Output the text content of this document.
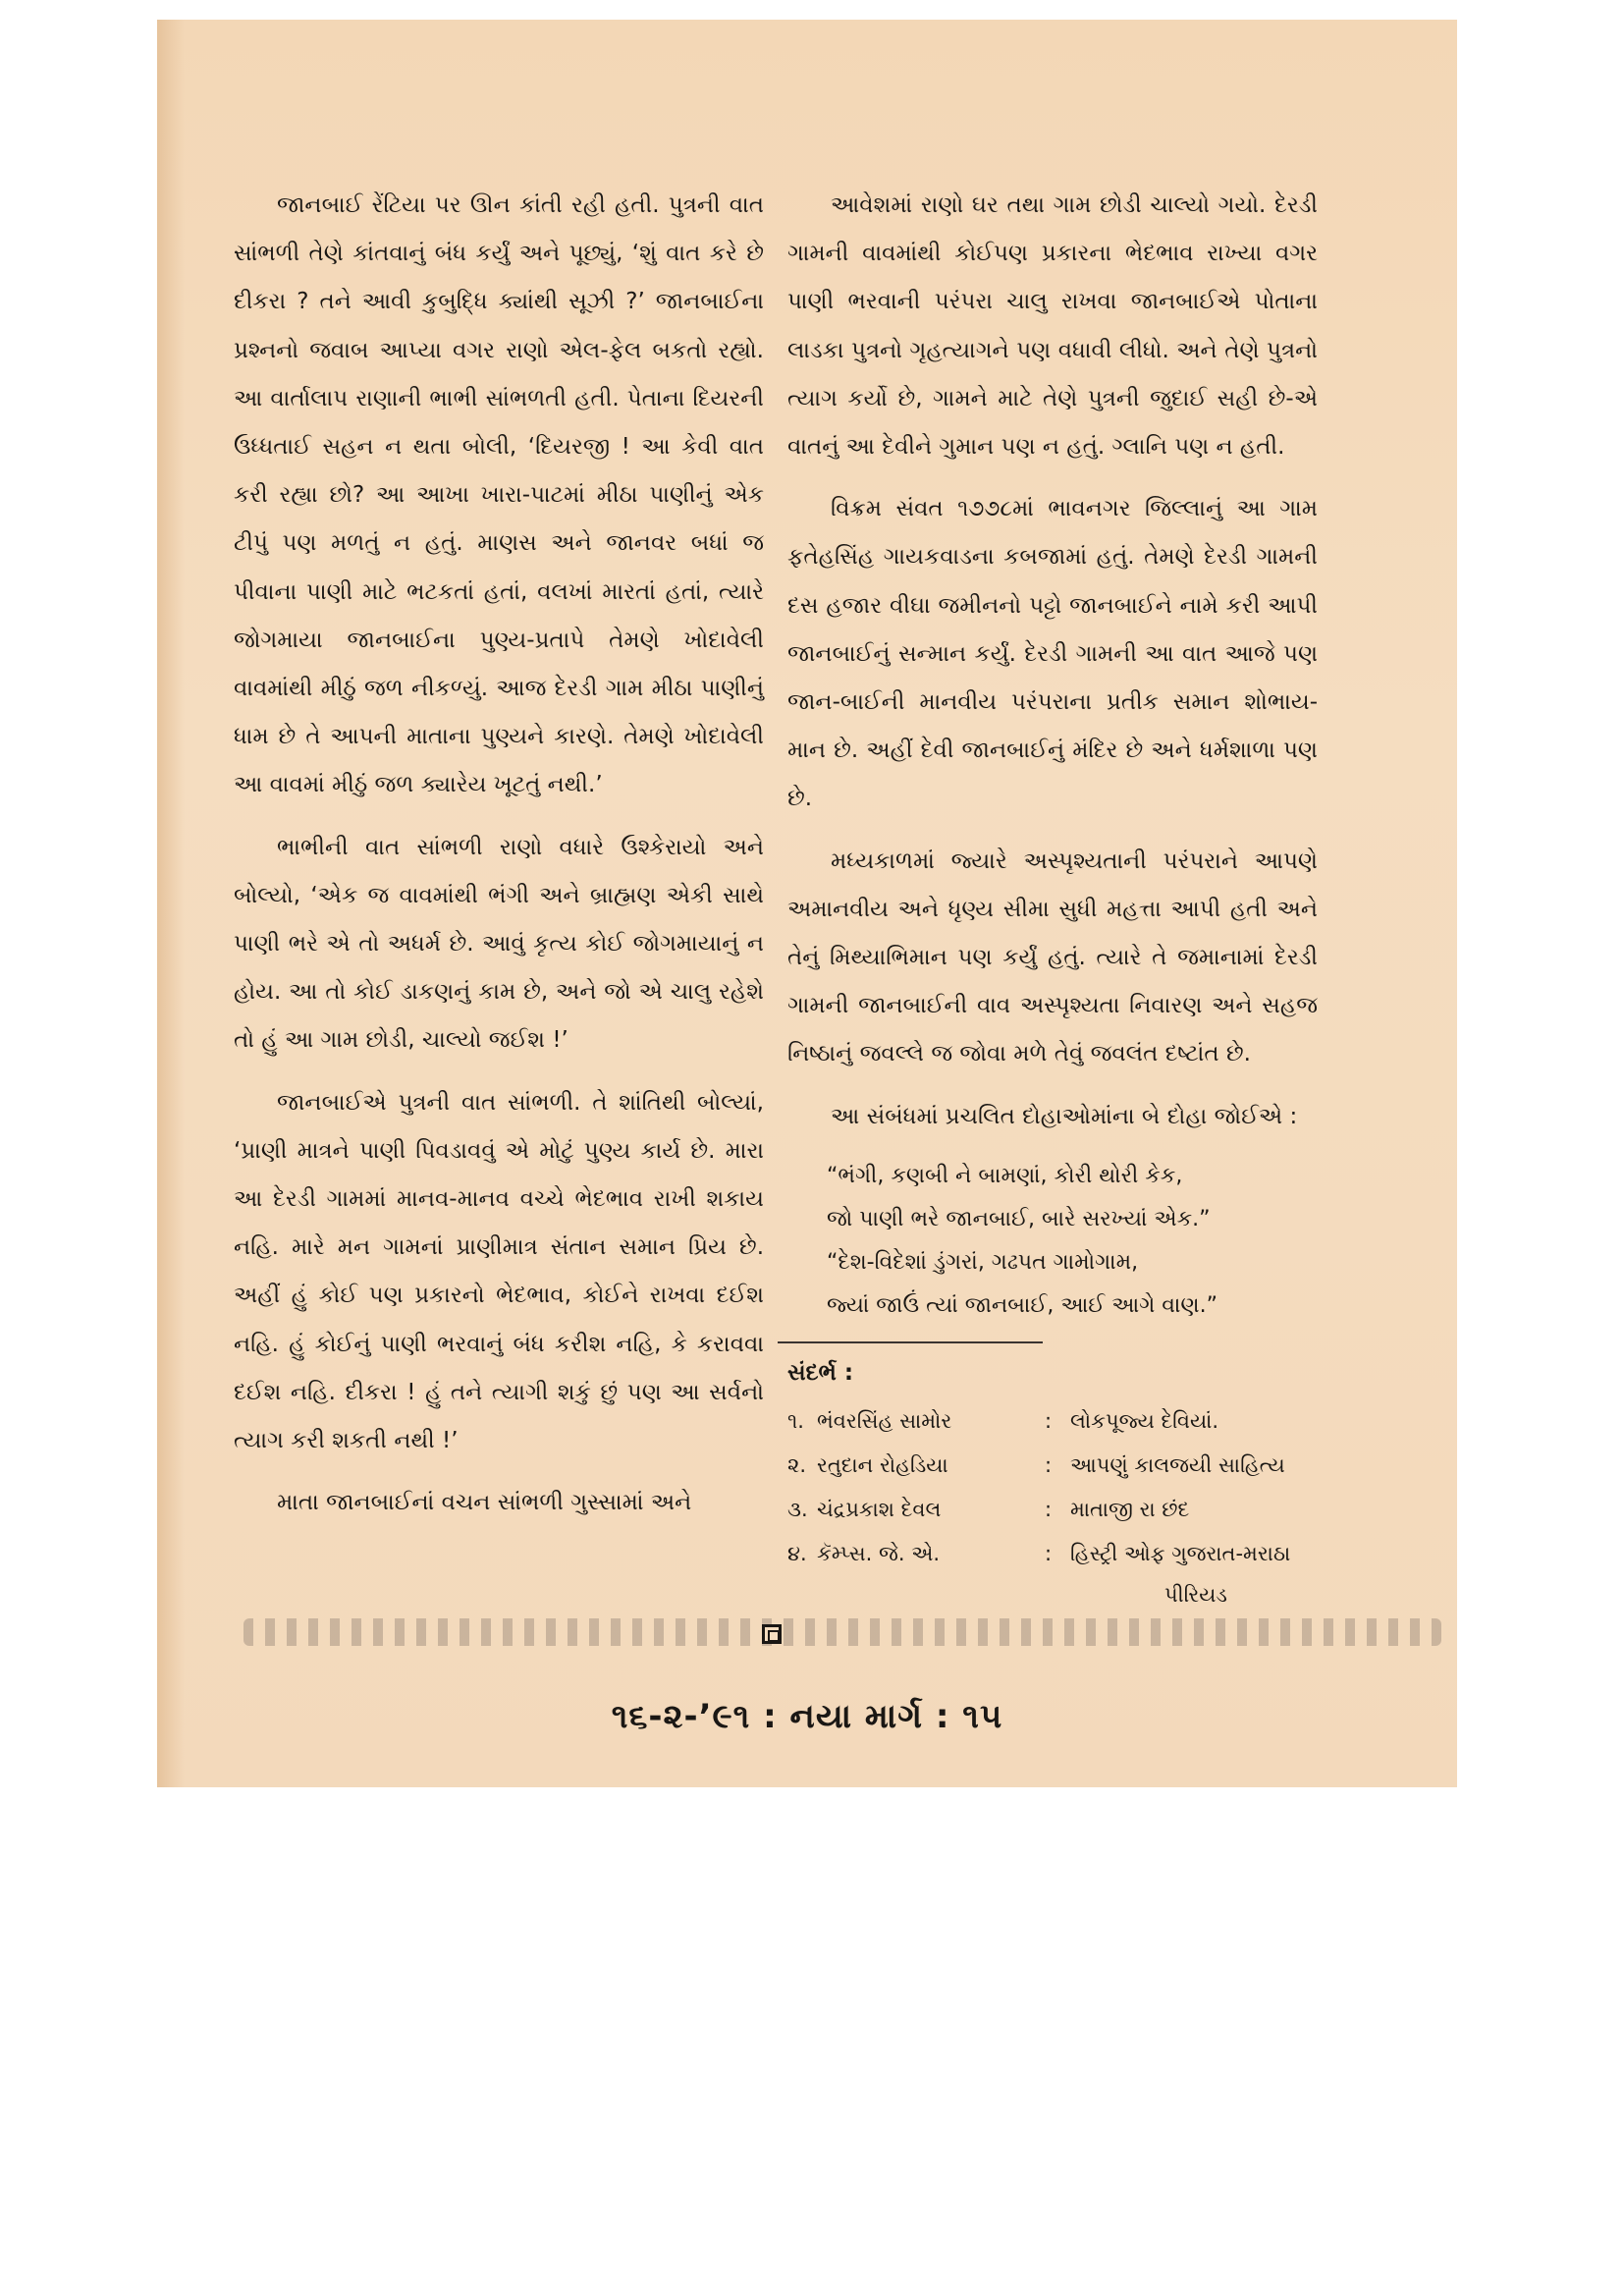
જાનબાઈ રેંટિયા પર ઊન કાંતી રહી હતી. પુત્રની વાત સાંભળી તેણે કાંતવાનું બંધ કર્યું અને પૂછ્યું, ‘શું વાત કરે છે દીકરા ? તને આવી કુબુદ્ધિ ક્યાંથી સૂઝી ?’ જાનબાઈના પ્રશ્નનો જવાબ આપ્યા વગર રાણો એલ-ફેલ બકતો રહ્યો. આ વાર્તાલાપ રાણાની ભાભી સાંભળતી હતી. પેતાના દિયરની ઉધ્ધતાઈ સહન ન થતા બોલી, ‘દિયરજી ! આ કેવી વાત કરી રહ્યા છો? આ આખા ખારા-પાટમાં મીઠા પાણીનું એક ટીપું પણ મળતું ન હતું. માણસ અને જાનવર બધાં જ પીવાના પાણી માટે ભટકતાં હતાં, વલખાં મારતાં હતાં, ત્યારે જોગમાયા જાનબાઈના પુણ્ય-પ્રતાપે તેમણે ખોદાવેલી વાવમાંથી મીઠું જળ નીકળ્યું. આજ દેરડી ગામ મીઠા પાણીનું ધામ છે તે આપની માતાના પુણ્યને કારણે. તેમણે ખોદાવેલી આ વાવમાં મીઠું જળ ક્યારેય ખૂટતું નથી.’

ભાભીની વાત સાંભળી રાણો વધારે ઉશ્કેરાયો અને બોલ્યો, ‘એક જ વાવમાંથી ભંગી અને બ્રાહ્મણ એકી સાથે પાણી ભરે એ તો અધર્મ છે. આવું કૃત્ય કોઈ જોગમાયાનું ન હોય. આ તો કોઈ ડાકણનું કામ છે, અને જો એ ચાલુ રહેશે તો હું આ ગામ છોડી, ચાલ્યો જઈશ !’

જાનબાઈએ પુત્રની વાત સાંભળી. તે શાંતિથી બોલ્યાં, ‘પ્રાણી માત્રને પાણી પિવડાવવું એ મોટું પુણ્ય કાર્ય છે. મારા આ દેરડી ગામમાં માનવ-માનવ વચ્ચે ભેદભાવ રાખી શકાય નહિ. મારે મન ગામનાં પ્રાણીમાત્ર સંતાન સમાન પ્રિય છે. અહીં હું કોઈ પણ પ્રકારનો ભેદભાવ, કોઈને રાખવા દઈશ નહિ. હું કોઈનું પાણી ભરવાનું બંધ કરીશ નહિ, કે કરાવવા દઈશ નહિ. દીકરા ! હું તને ત્યાગી શકું છું પણ આ સર્વનો ત્યાગ કરી શકતી નથી !’

માતા જાનબાઈનાં વચન સાંભળી ગુસ્સામાં અને

આવેશમાં રાણો ઘર તથા ગામ છોડી ચાલ્યો ગયો. દેરડી ગામની વાવમાંથી કોઈપણ પ્રકારના ભેદભાવ રાખ્યા વગર પાણી ભરવાની પરંપરા ચાલુ રાખવા જાનબાઈએ પોતાના લાડકા પુત્રનો ગૃહત્યાગને પણ વધાવી લીધો. અને તેણે પુત્રનો ત્યાગ કર્યો છે, ગામને માટે તેણે પુત્રની જુદાઈ સહી છે-એ વાતનું આ દેવીને ગુમાન પણ ન હતું. ગ્લાનિ પણ ન હતી.

વિક્રમ સંવત ૧૭૭૮માં ભાવનગર જિલ્લાનું આ ગામ ફતેહસિંહ ગાયકવાડના કબજામાં હતું. તેમણે દેરડી ગામની દસ હજાર વીઘા જમીનનો પટ્ટો જાનબાઈને નામે કરી આપી જાનબાઈનું સન્માન કર્યું. દેરડી ગામની આ વાત આજે પણ જાન-બાઈની માનવીય પરંપરાના પ્રતીક સમાન શોભાય-માન છે. અહીં દેવી જાનબાઈનું મંદિર છે અને ધર્મશાળા પણ છે.

મધ્યકાળમાં જ્યારે અસ્પૃશ્યતાની પરંપરાને આપણે અમાનવીય અને ધૃણ્ય સીમા સુધી મહત્તા આપી હતી અને તેનું મિથ્યાભિમાન પણ કર્યું હતું. ત્યારે તે જમાનામાં દેરડી ગામની જાનબાઈની વાવ અસ્પૃશ્યતા નિવારણ અને સહજ નિષ્ઠાનું જવલ્લે જ જોવા મળે તેવું જવલંત દષ્ટાંત છે.

આ સંબંધમાં પ્રચલિત દોહાઓમાંના બે દોહા જોઈએ :

“ભંગી, કણબી ને બામણાં, કોરી થોરી કેક,
જો પાણી ભરે જાનબાઈ, બારે સરખ્યાં એક.”
“દેશ-વિદેશાં ડુંગરાં, ગઢપત ગામોગામ,
જ્યાં જાઉં ત્યાં જાનબાઈ, આઈ આગે વાણ.”
સંદર્ભ :
૧. ભંવરસિંહ સામોર	: લોકપૂજ્ય દેવિયાં.
૨. રતુદાન રોહડિયા	: આપણું કાલજયી સાહિત્ય
૩. ચંદ્રપ્રકાશ દેવલ	: માતાજી રા છંદ
૪. કૅમ્પ્સ. જે. એ.	: હિસ્ટ્રી ઓફ ગુજરાત-મરાઠા
પીરિયડ
૧૬-૨-’૯૧ : નયા માર્ગ : ૧૫
